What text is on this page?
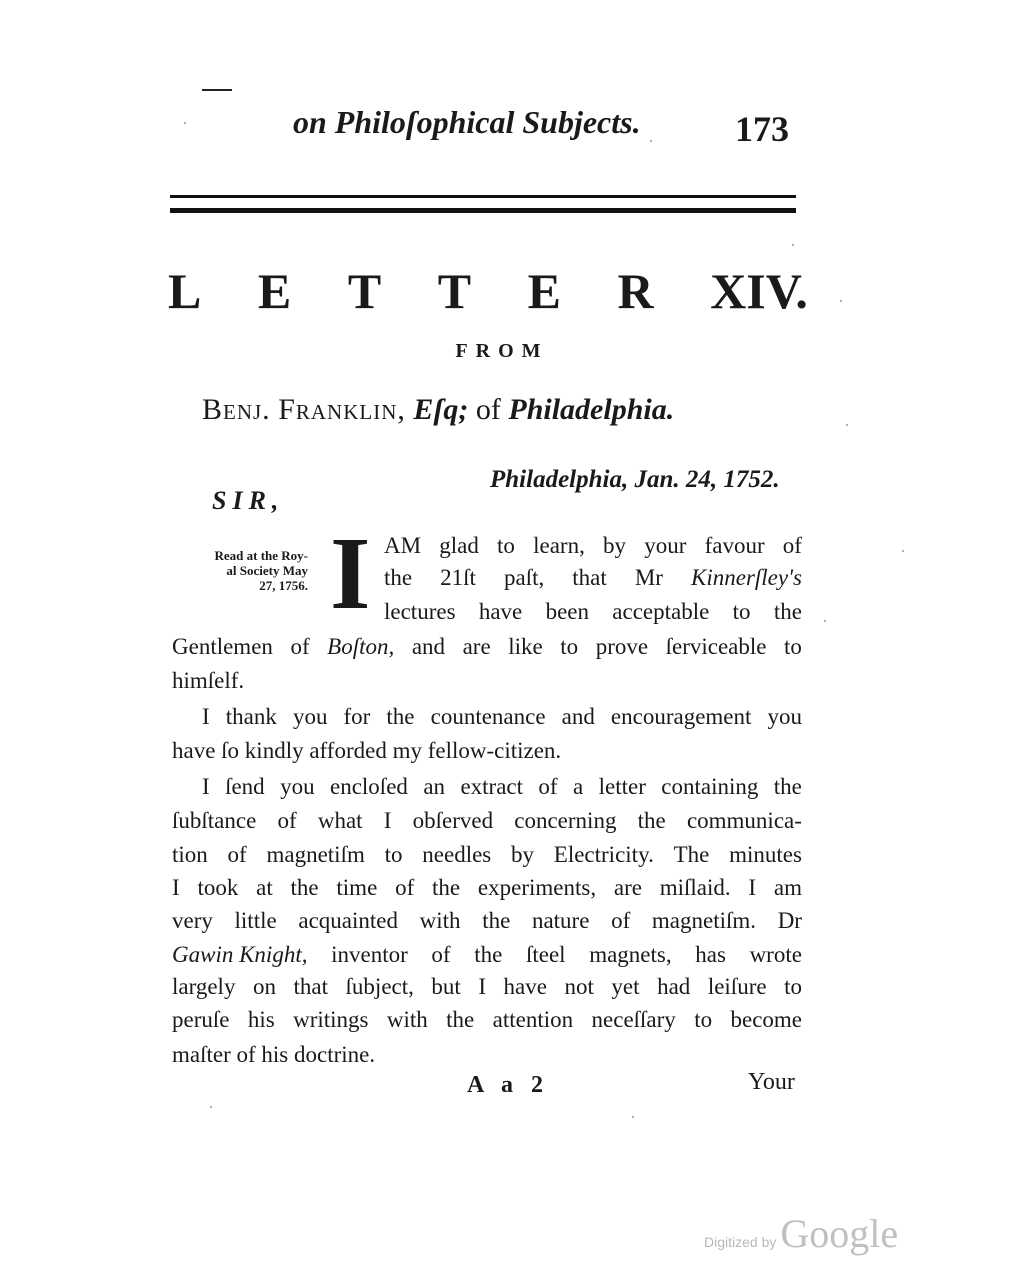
on Philoſophical Subjects.	173
L E T T E R XIV.
FROM
Benj. Franklin, Eſq; of Philadelphia.
Philadelphia, Jan. 24, 1752.
SIR,
Read at the Roy-
al Society May
27, 1756. I AM glad to learn, by your favour of
the 21ſt paſt, that Mr Kinnerſley's
lectures have been acceptable to the
Gentlemen of Boſton, and are like to prove ſerviceable to
himſelf.
I thank you for the countenance and encouragement you
have ſo kindly afforded my fellow-citizen.
I ſend you encloſed an extract of a letter containing the
ſubſtance of what I obſerved concerning the communica-
tion of magnetiſm to needles by Electricity. The minutes
I took at the time of the experiments, are miſlaid. I am
very little acquainted with the nature of magnetiſm. Dr
Gawin Knight, inventor of the ſteel magnets, has wrote
largely on that ſubject, but I have not yet had leiſure to
peruſe his writings with the attention neceſſary to become
maſter of his doctrine.
A a 2	Your
Digitized by Google
